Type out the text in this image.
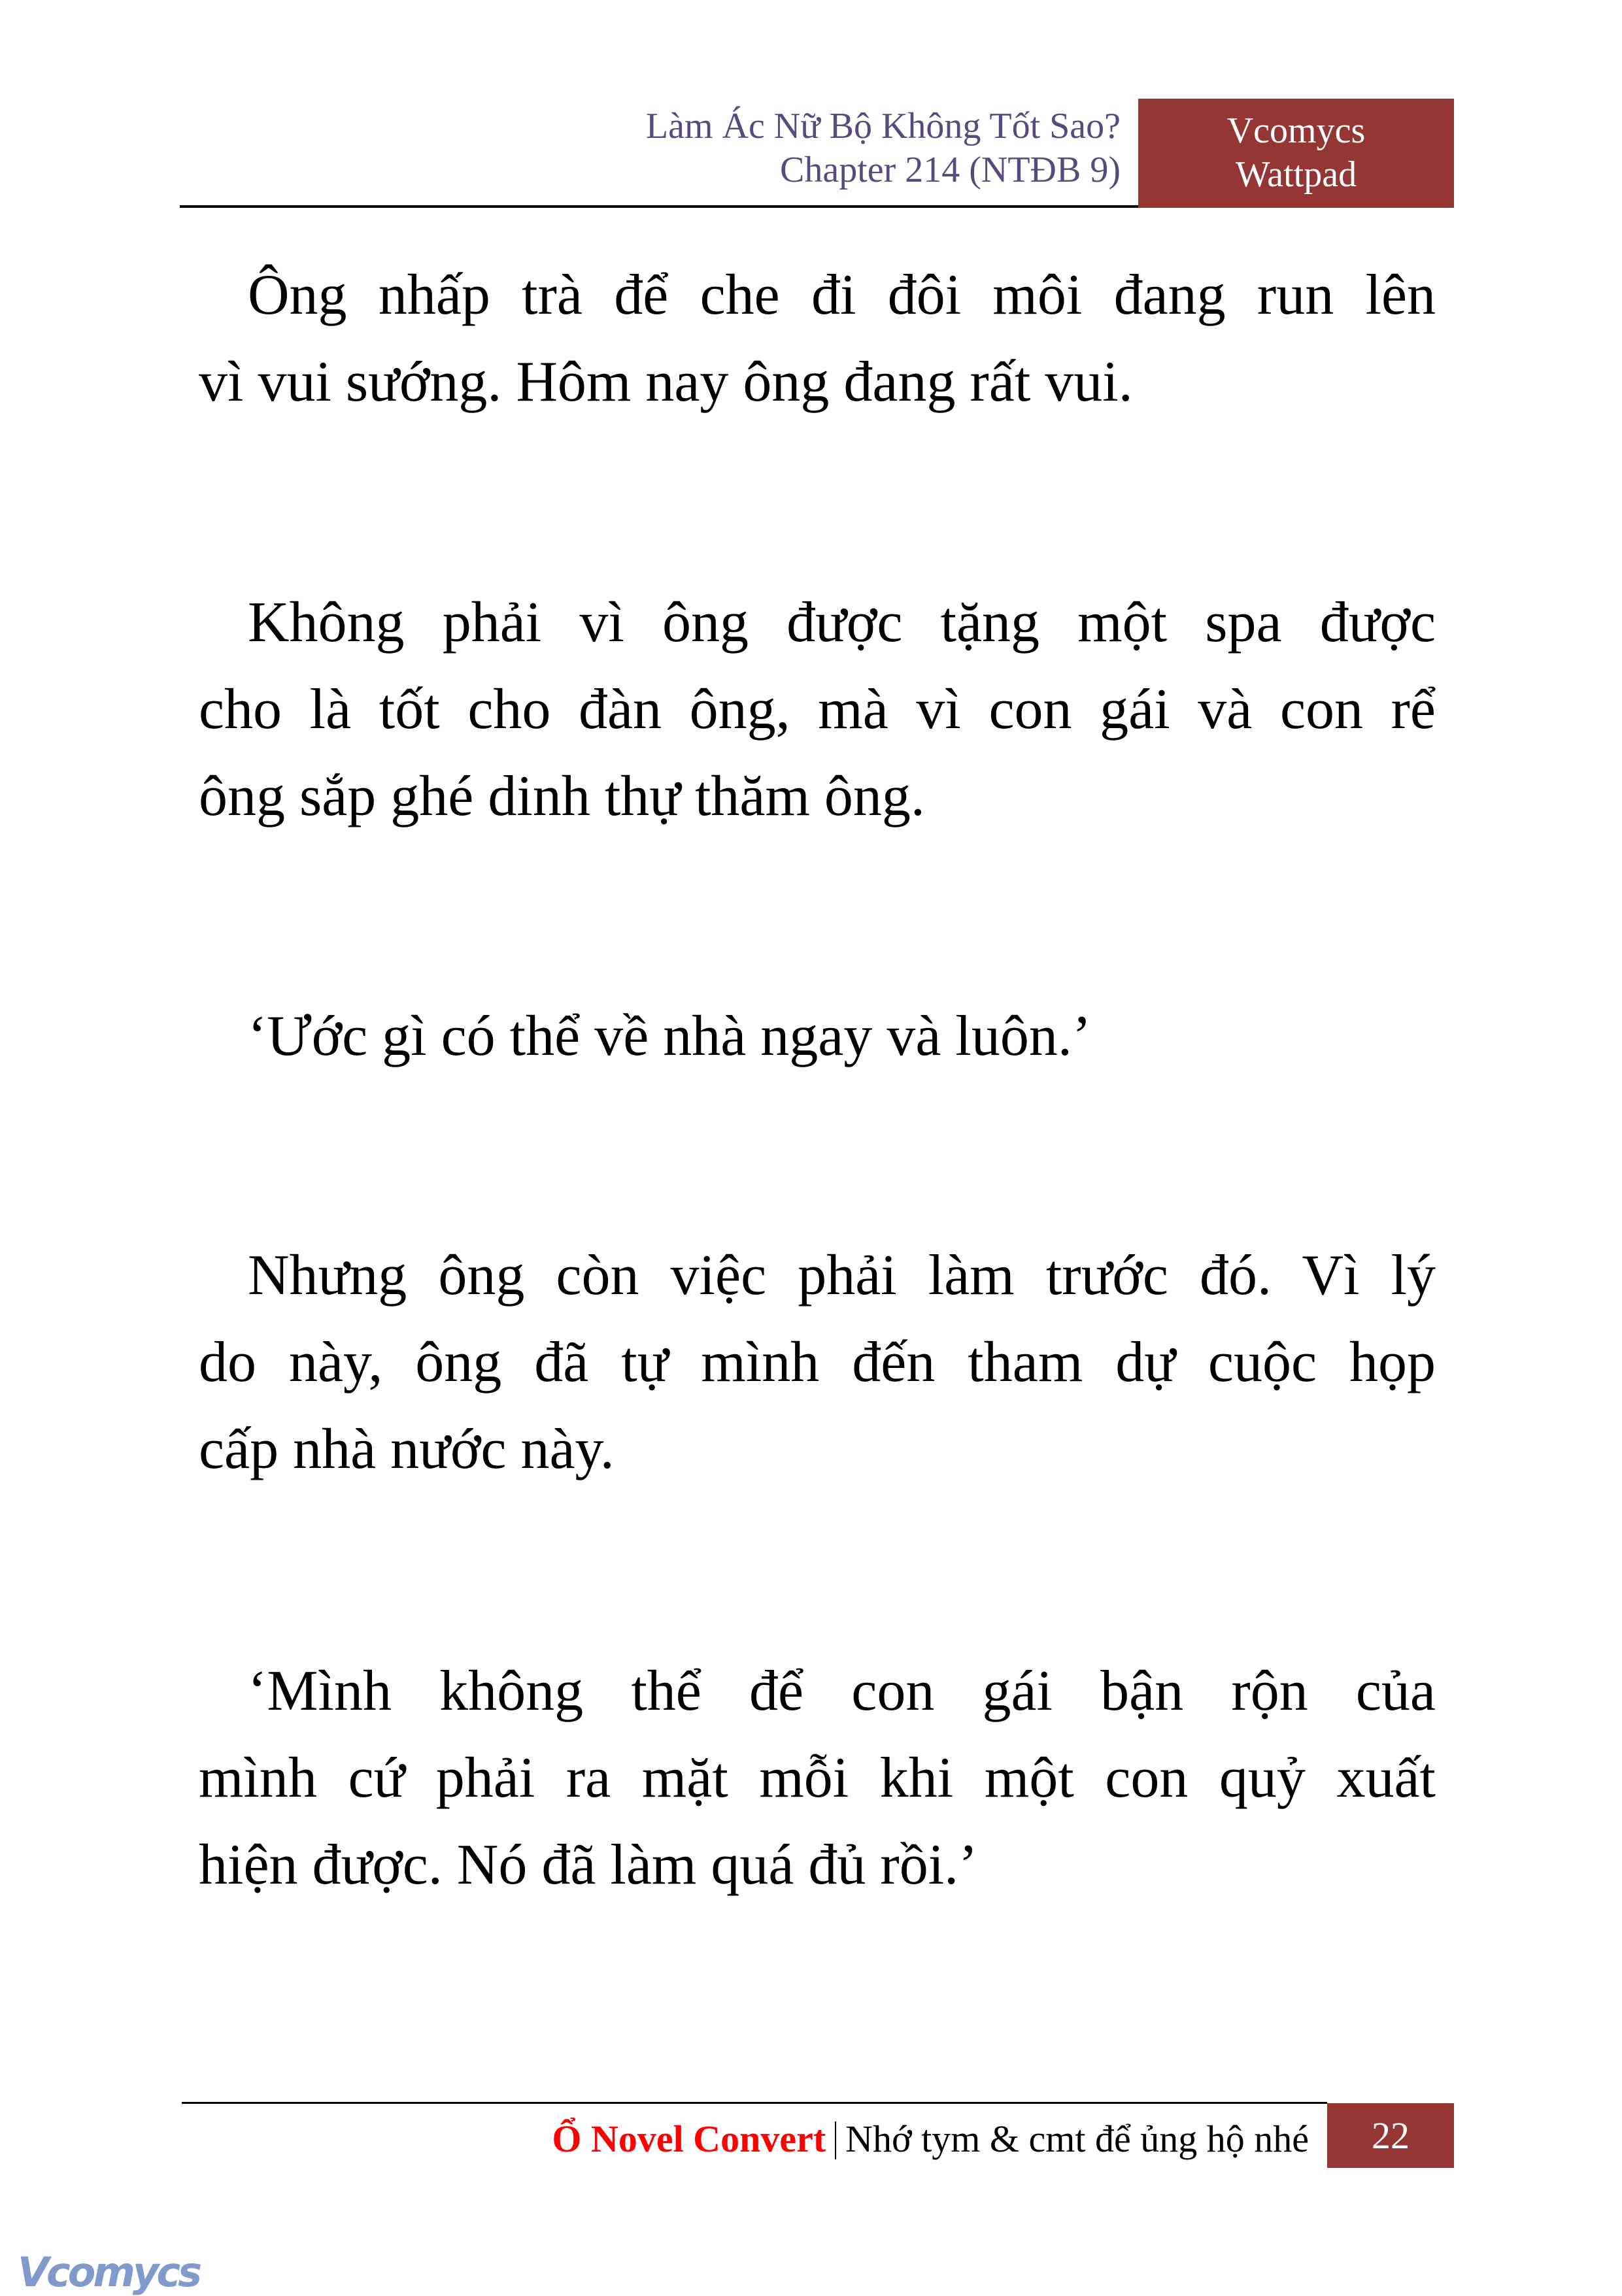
Làm Ác Nữ Bộ Không Tốt Sao?
Chapter 214 (NTĐB 9)
Vcomycs
Wattpad
Ông nhấp trà để che đi đôi môi đang run lên
vì vui sướng. Hôm nay ông đang rất vui.
Không phải vì ông được tặng một spa được
cho là tốt cho đàn ông, mà vì con gái và con rể
ông sắp ghé dinh thự thăm ông.
‘Ước gì có thể về nhà ngay và luôn.’
Nhưng ông còn việc phải làm trước đó. Vì lý
do này, ông đã tự mình đến tham dự cuộc họp
cấp nhà nước này.
‘Mình không thể để con gái bận rộn của
mình cứ phải ra mặt mỗi khi một con quỷ xuất
hiện được. Nó đã làm quá đủ rồi.’
Ổ Novel Convert Nhớ tym & cmt để ủng hộ nhé	22
Vcomycs
